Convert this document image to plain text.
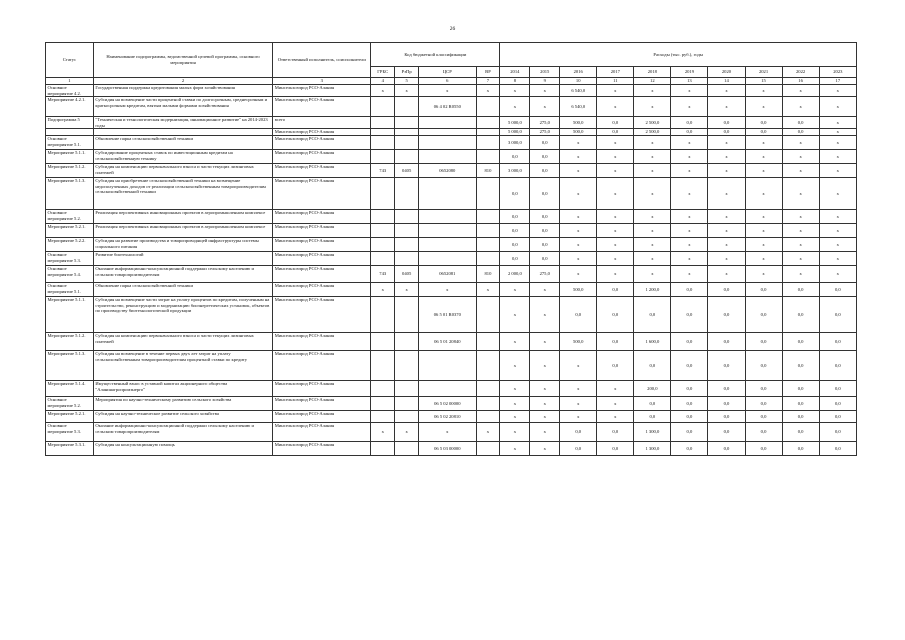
26
Статус	Наименование подпрограммы, ведомственной целевой программы, основного мероприятия	Ответственный исполнитель, соисполнители	Код бюджетной классификации				Расходы (тыс. руб.), годы									
			ГРБС	РзПр	ЦСР	ВР	2014	2015	2016	2017	2018	2019	2020	2021	2022	2023
1	2	3	4	5	6	7	8	9	10	11	12	13	14	15	16	17
Основное мероприятие 4.2.	Государственная поддержка кредитования малых форм хозяйствования	Минсельхозпрод РСО-Алания	x	x	x	x	x	x	6 540,0	x	x	x	x	x	x	x
Мероприятие 4.2.1.	Субсидия на возмещение части процентной ставки по долгосрочным, среднесрочным и краткосрочным кредитам, взятым малыми формами хозяйствования	Минсельхозпрод РСО-Алания			06 4 02 R0550		x	x	6 540,0	x	x	x	x	x	x	x
Подпрограмма 5	"Техническая и технологическая модернизация, инновационное развитие" на 2014-2023 годы	всего					5 000,0	275,0	500,0	0,0	2 500,0	0,0	0,0	0,0	0,0	x
		Минсельхозпрод РСО-Алания					5 000,0	275,0	500,0	0,0	2 500,0	0,0	0,0	0,0	0,0	x
Основное мероприятие 5.1.	Обновление парка сельскохозяйственной техники	Минсельхозпрод РСО-Алания					3 000,0	0,0	x	x	x	x	x	x	x	x
Мероприятие 5.1.1.	Субсидирование процентных ставок по инвестиционным кредитам на сельскохозяйственную технику	Минсельхозпрод РСО-Алания					0,0	0,0	x	x	x	x	x	x	x	x
Мероприятие 5.1.2.	Субсидия на компенсацию первоначального взноса и части текущих лизинговых платежей	Минсельхозпрод РСО-Алания	743	0405	0652080	810	3 000,0	0,0	x	x	x	x	x	x	x	x
Мероприятие 5.1.3.	Субсидия на приобретение сельскохозяйственной техники на возмещение недополученных доходов от реализации сельскохозяйственным товаропроизводителям сельскохозяйственной техники	Минсельхозпрод РСО-Алания					0,0	0,0	x	x	x	x	x	x	x	x
Основное мероприятие 5.2.	Реализация перспективных инновационных проектов в агропромышленном комплексе	Минсельхозпрод РСО-Алания					0,0	0,0	x	x	x	x	x	x	x	x
Мероприятие 5.2.1.	Реализация перспективных инновационных проектов в агропромышленном комплексе	Минсельхозпрод РСО-Алания					0,0	0,0	x	x	x	x	x	x	x	x
Мероприятие 5.2.2.	Субсидия на развитие производства и товаропроводящей инфраструктуры системы социального питания	Минсельхозпрод РСО-Алания					0,0	0,0	x	x	x	x	x	x	x	x
Основное мероприятие 5.3.	Развитие биотехнологий	Минсельхозпрод РСО-Алания					0,0	0,0	x	x	x	x	x	x	x	x
Основное мероприятие 5.4.	Оказание информационно-консультационной поддержки сельскому населению и сельским товаропроизводителям	Минсельхозпрод РСО-Алания	743	0405	0652081	810	2 000,0	275,0	x	x	x	x	x	x	x	x
Основное мероприятие 5.1.	Обновление парка сельскохозяйственной техники	Минсельхозпрод РСО-Алания	x	x	x	x	x	x	500,0	0,0	1 200,0	0,0	0,0	0,0	0,0	0,0
Мероприятие 5.1.1.	Субсидия на возмещение части затрат на уплату процентов по кредитам, полученным на строительство, реконструкцию и модернизацию биоэнергетических установок, объектов по производству биотехнологической продукции	Минсельхозпрод РСО-Алания			06 5 01 R0370		x	x	0,0	0,0	0,0	0,0	0,0	0,0	0,0	0,0
Мероприятие 5.1.2.	Субсидия на компенсацию первоначального взноса и части текущих лизинговых платежей	Минсельхозпрод РСО-Алания			06 5 01 20840		x	x	500,0	0,0	1 600,0	0,0	0,0	0,0	0,0	0,0
Мероприятие 5.1.3.	Субсидия на возмещение в течение первых двух лет затрат на уплату сельскохозяйственным товаропроизводителям процентной ставки по кредиту	Минсельхозпрод РСО-Алания					x	x	x	0,0	0,0	0,0	0,0	0,0	0,0	0,0
Мероприятие 5.1.4.	Имущественный взнос в уставной капитал акционерного общества "Аланияагропромэнерго"	Минсельхозпрод РСО-Алания					x	x	x	x	200,0	0,0	0,0	0,0	0,0	0,0
Основное мероприятие 5.2.	Мероприятия по научно-техническому развитию сельского хозяйства	Минсельхозпрод РСО-Алания			06 5 02 00000		x	x	x	x	0,0	0,0	0,0	0,0	0,0	0,0
Мероприятие 5.2.1.	Субсидия на научно-техническое развитие сельского хозяйства	Минсельхозпрод РСО-Алания			06 5 02 20810		x	x	x	x	0,0	0,0	0,0	0,0	0,0	0,0
Основное мероприятие 5.3.	Оказание информационно-консультационной поддержки сельскому населению и сельским товаропроизводителям	Минсельхозпрод РСО-Алания	x	x	x	x	x	x	0,0	0,0	1 300,0	0,0	0,0	0,0	0,0	0,0
Мероприятие 5.3.1.	Субсидия на консультационную помощь	Минсельхозпрод РСО-Алания			06 5 03 00000		x	x	0,0	0,0	1 300,0	0,0	0,0	0,0	0,0	0,0
